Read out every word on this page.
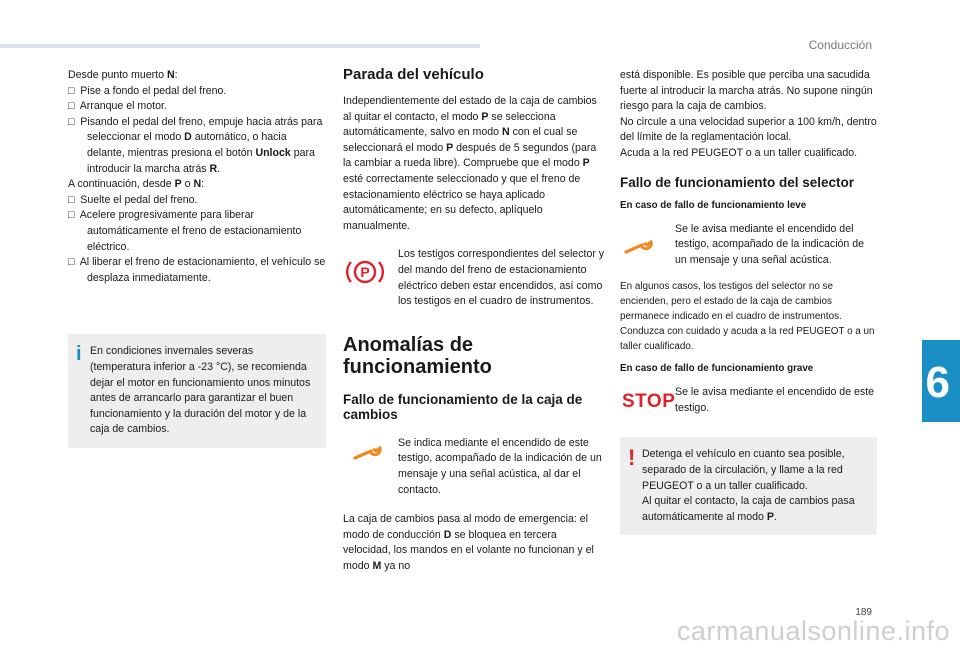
Conducción
6

Desde punto muerto N:

□  Pise a fondo el pedal del freno.

□  Arranque el motor.

□  Pisando el pedal del freno, empuje hacia atrás para seleccionar el modo D automático, o hacia delante, mientras presiona el botón Unlock para introducir la marcha atrás R.

A continuación, desde P o N:

□  Suelte el pedal del freno.

□  Acelere progresivamente para liberar automáticamente el freno de estacionamiento eléctrico.

□  Al liberar el freno de estacionamiento, el vehículo se desplaza inmediatamente.

i En condiciones invernales severas (temperatura inferior a -23 °C), se recomienda dejar el motor en funcionamiento unos minutos antes de arrancarlo para garantizar el buen funcionamiento y la duración del motor y de la caja de cambios.

Parada del vehículo

Independientemente del estado de la caja de cambios al quitar el contacto, el modo P se selecciona automáticamente, salvo en modo N con el cual se seleccionará el modo P después de 5 segundos (para la cambiar a rueda libre). Compruebe que el modo P esté correctamente seleccionado y que el freno de estacionamiento eléctrico se haya aplicado automáticamente; en su defecto, aplíquelo manualmente.

P

Los testigos correspondientes del selector y del mando del freno de estacionamiento eléctrico deben estar encendidos, así como los testigos en el cuadro de instrumentos.

Anomalías de funcionamiento
Fallo de funcionamiento de la caja de cambios

Se indica mediante el encendido de este testigo, acompañado de la indicación de un mensaje y una señal acústica, al dar el contacto.

La caja de cambios pasa al modo de emergencia: el modo de conducción D se bloquea en tercera velocidad, los mandos en el volante no funcionan y el modo M ya no

está disponible. Es posible que perciba una sacudida fuerte al introducir la marcha atrás. No supone ningún riesgo para la caja de cambios.
No circule a una velocidad superior a 100 km/h, dentro del límite de la reglamentación local.
Acuda a la red PEUGEOT o a un taller cualificado.

Fallo de funcionamiento del selector
En caso de fallo de funcionamiento leve

Se le avisa mediante el encendido del testigo, acompañado de la indicación de un mensaje y una señal acústica.

En algunos casos, los testigos del selector no se encienden, pero el estado de la caja de cambios permanece indicado en el cuadro de instrumentos.
Conduzca con cuidado y acuda a la red PEUGEOT o a un taller cualificado.

En caso de fallo de funcionamiento grave
STOP Se le avisa mediante el encendido de este testigo.

! Detenga el vehículo en cuanto sea posible, separado de la circulación, y llame a la red PEUGEOT o a un taller cualificado.
Al quitar el contacto, la caja de cambios pasa automáticamente al modo P.

189
carmanualsonline.info
